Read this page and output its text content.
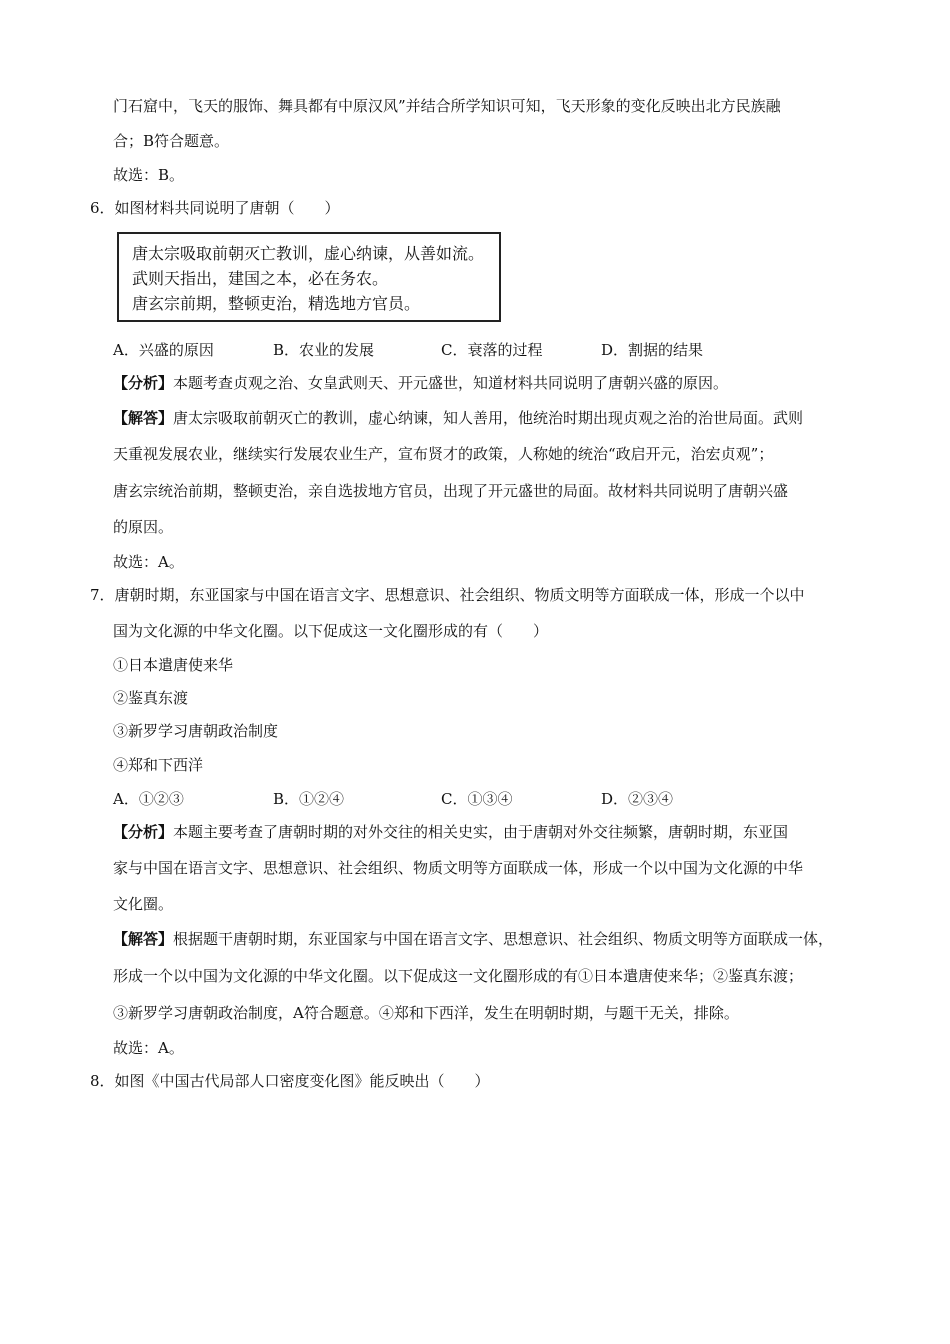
门石窟中，飞天的服饰、舞具都有中原汉风”并结合所学知识可知，飞天形象的变化反映出北方民族融
合；B符合题意。
故选：B。
6．如图材料共同说明了唐朝（　　）
唐太宗吸取前朝灭亡教训，虚心纳谏，从善如流。
武则天指出，建国之本，必在务农。
唐玄宗前期，整顿吏治，精选地方官员。
A．兴盛的原因	B．农业的发展	C．衰落的过程	D．割据的结果
【分析】本题考查贞观之治、女皇武则天、开元盛世，知道材料共同说明了唐朝兴盛的原因。
【解答】唐太宗吸取前朝灭亡的教训，虚心纳谏，知人善用，他统治时期出现贞观之治的治世局面。武则
天重视发展农业，继续实行发展农业生产，宣布贤才的政策，人称她的统治“政启开元，治宏贞观”；
唐玄宗统治前期，整顿吏治，亲自选拔地方官员，出现了开元盛世的局面。故材料共同说明了唐朝兴盛
的原因。
故选：A。
7．唐朝时期，东亚国家与中国在语言文字、思想意识、社会组织、物质文明等方面联成一体，形成一个以中
国为文化源的中华文化圈。以下促成这一文化圈形成的有（　　）
①日本遣唐使来华
②鉴真东渡
③新罗学习唐朝政治制度
④郑和下西洋
A．①②③	B．①②④	C．①③④	D．②③④
【分析】本题主要考查了唐朝时期的对外交往的相关史实，由于唐朝对外交往频繁，唐朝时期，东亚国
家与中国在语言文字、思想意识、社会组织、物质文明等方面联成一体，形成一个以中国为文化源的中华
文化圈。
【解答】根据题干唐朝时期，东亚国家与中国在语言文字、思想意识、社会组织、物质文明等方面联成一体，
形成一个以中国为文化源的中华文化圈。以下促成这一文化圈形成的有①日本遣唐使来华；②鉴真东渡；
③新罗学习唐朝政治制度，A符合题意。④郑和下西洋，发生在明朝时期，与题干无关，排除。
故选：A。
8．如图《中国古代局部人口密度变化图》能反映出（　　）
